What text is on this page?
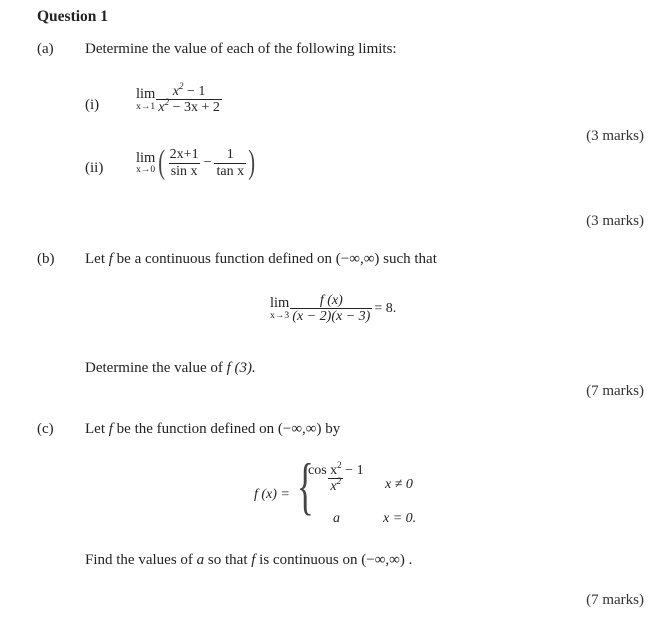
Question 1
(a) Determine the value of each of the following limits:
(i)
lim
$x\to 1 \frac{x^2 - 1}{x^2 - 3x + 2}$
(3 marks)
(ii)
lim
x→0 ( $\frac{2x+1}{\text{sin x}} - \frac{1}{\text{tan x}}$ )
(3 marks)
(b) Let f be a continuous function defined on (−∞,∞) such that
lim
$x\to 3 \frac{f (x)}{(x - 2)(x - 3)} = 8$.
Determine the value of f (3).
(7 marks)
(c) Let f be the function defined on (−∞,∞) by
f (x) = {
$\frac{\cos x^2 - 1}{x^2}$ x ≠ 0
a	x = 0.
Find the values of a so that f is continuous on (−∞,∞) .
(7 marks)
